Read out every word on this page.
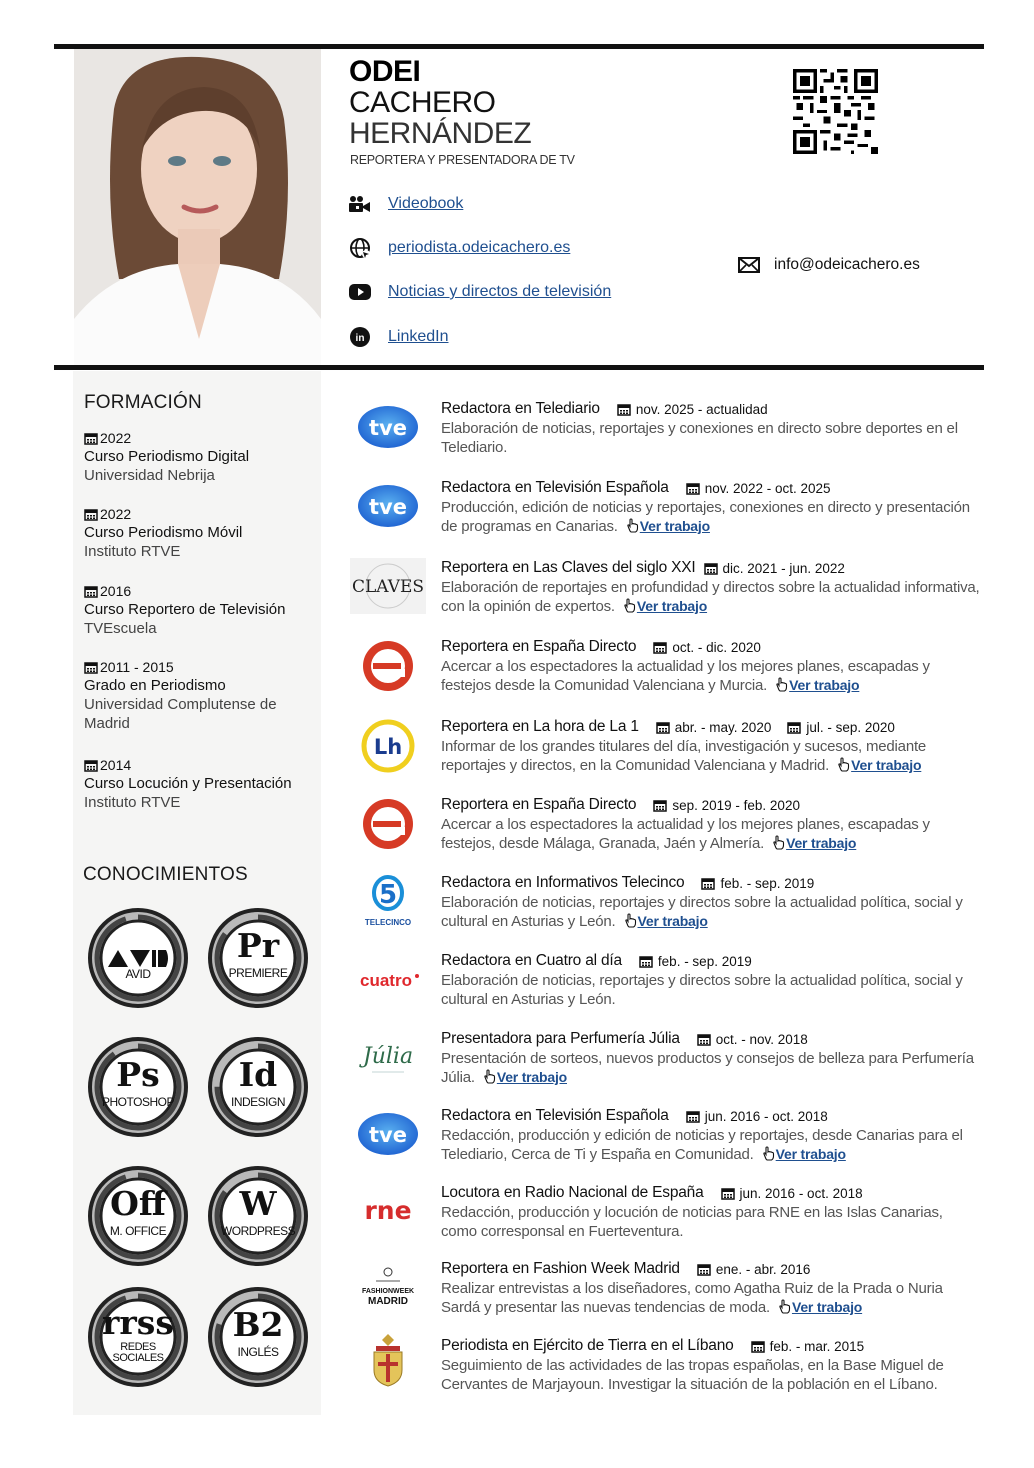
ODEI
CACHERO
HERNÁNDEZ
REPORTERA Y PRESENTADORA DE TV
Videobook
periodista.odeicachero.es
Noticias y directos de televisión
in LinkedIn
info@odeicachero.es
FORMACIÓN
2022
Curso Periodismo Digital
Universidad Nebrija
2022
Curso Periodismo Móvil
Instituto RTVE
2016
Curso Reportero de Televisión
TVEscuela
2011 - 2015
Grado en Periodismo
Universidad Complutense de Madrid
2014
Curso Locución y Presentación
Instituto RTVE
CONOCIMIENTOS
AVID
Pr
PREMIERE
Ps
PHOTOSHOP
Id
INDESIGN
Off
M. OFFICE
W
WORDPRESS
rrss
REDES SOCIALES
B2
INGLÉS
tve
tve
CLAVES
Lh
5
TELECINCO
cuatro
Júlia
tve
rne
FASHIONWEEK
MADRID
Redactora en Telediario	nov. 2025 - actualidad
Elaboración de noticias, reportajes y conexiones en directo sobre deportes en el Telediario.
Redactora en Televisión Española	nov. 2022 - oct. 2025
Producción, edición de noticias y reportajes, conexiones en directo y presentación de programas en Canarias. Ver trabajo
Reportera en Las Claves del siglo XXI dic. 2021 - jun. 2022
Elaboración de reportajes en profundidad y directos sobre la actualidad informativa, con la opinión de expertos. Ver trabajo
Reportera en España Directo	oct. - dic. 2020
Acercar a los espectadores la actualidad y los mejores planes, escapadas y festejos desde la Comunidad Valenciana y Murcia. Ver trabajo
Reportera en La hora de La 1	abr. - may. 2020	jul. - sep. 2020
Informar de los grandes titulares del día, investigación y sucesos, mediante reportajes y directos, en la Comunidad Valenciana y Madrid. Ver trabajo
Reportera en España Directo	sep. 2019 - feb. 2020
Acercar a los espectadores la actualidad y los mejores planes, escapadas y festejos, desde Málaga, Granada, Jaén y Almería. Ver trabajo
Redactora en Informativos Telecinco	feb. - sep. 2019
Elaboración de noticias, reportajes y directos sobre la actualidad política, social y cultural en Asturias y León. Ver trabajo
Redactora en Cuatro al día	feb. - sep. 2019
Elaboración de noticias, reportajes y directos sobre la actualidad política, social y cultural en Asturias y León.
Presentadora para Perfumería Júlia	oct. - nov. 2018
Presentación de sorteos, nuevos productos y consejos de belleza para Perfumería Júlia. Ver trabajo
Redactora en Televisión Española	jun. 2016 - oct. 2018
Redacción, producción y edición de noticias y reportajes, desde Canarias para el Telediario, Cerca de Ti y España en Comunidad. Ver trabajo
Locutora en Radio Nacional de España	jun. 2016 - oct. 2018
Redacción, producción y locución de noticias para RNE en las Islas Canarias, como corresponsal en Fuerteventura.
Reportera en Fashion Week Madrid	ene. - abr. 2016
Realizar entrevistas a los diseñadores, como Agatha Ruiz de la Prada o Nuria Sardá y presentar las nuevas tendencias de moda. Ver trabajo
Periodista en Ejército de Tierra en el Líbano	feb. - mar. 2015
Seguimiento de las actividades de las tropas españolas, en la Base Miguel de Cervantes de Marjayoun. Investigar la situación de la población en el Líbano.
